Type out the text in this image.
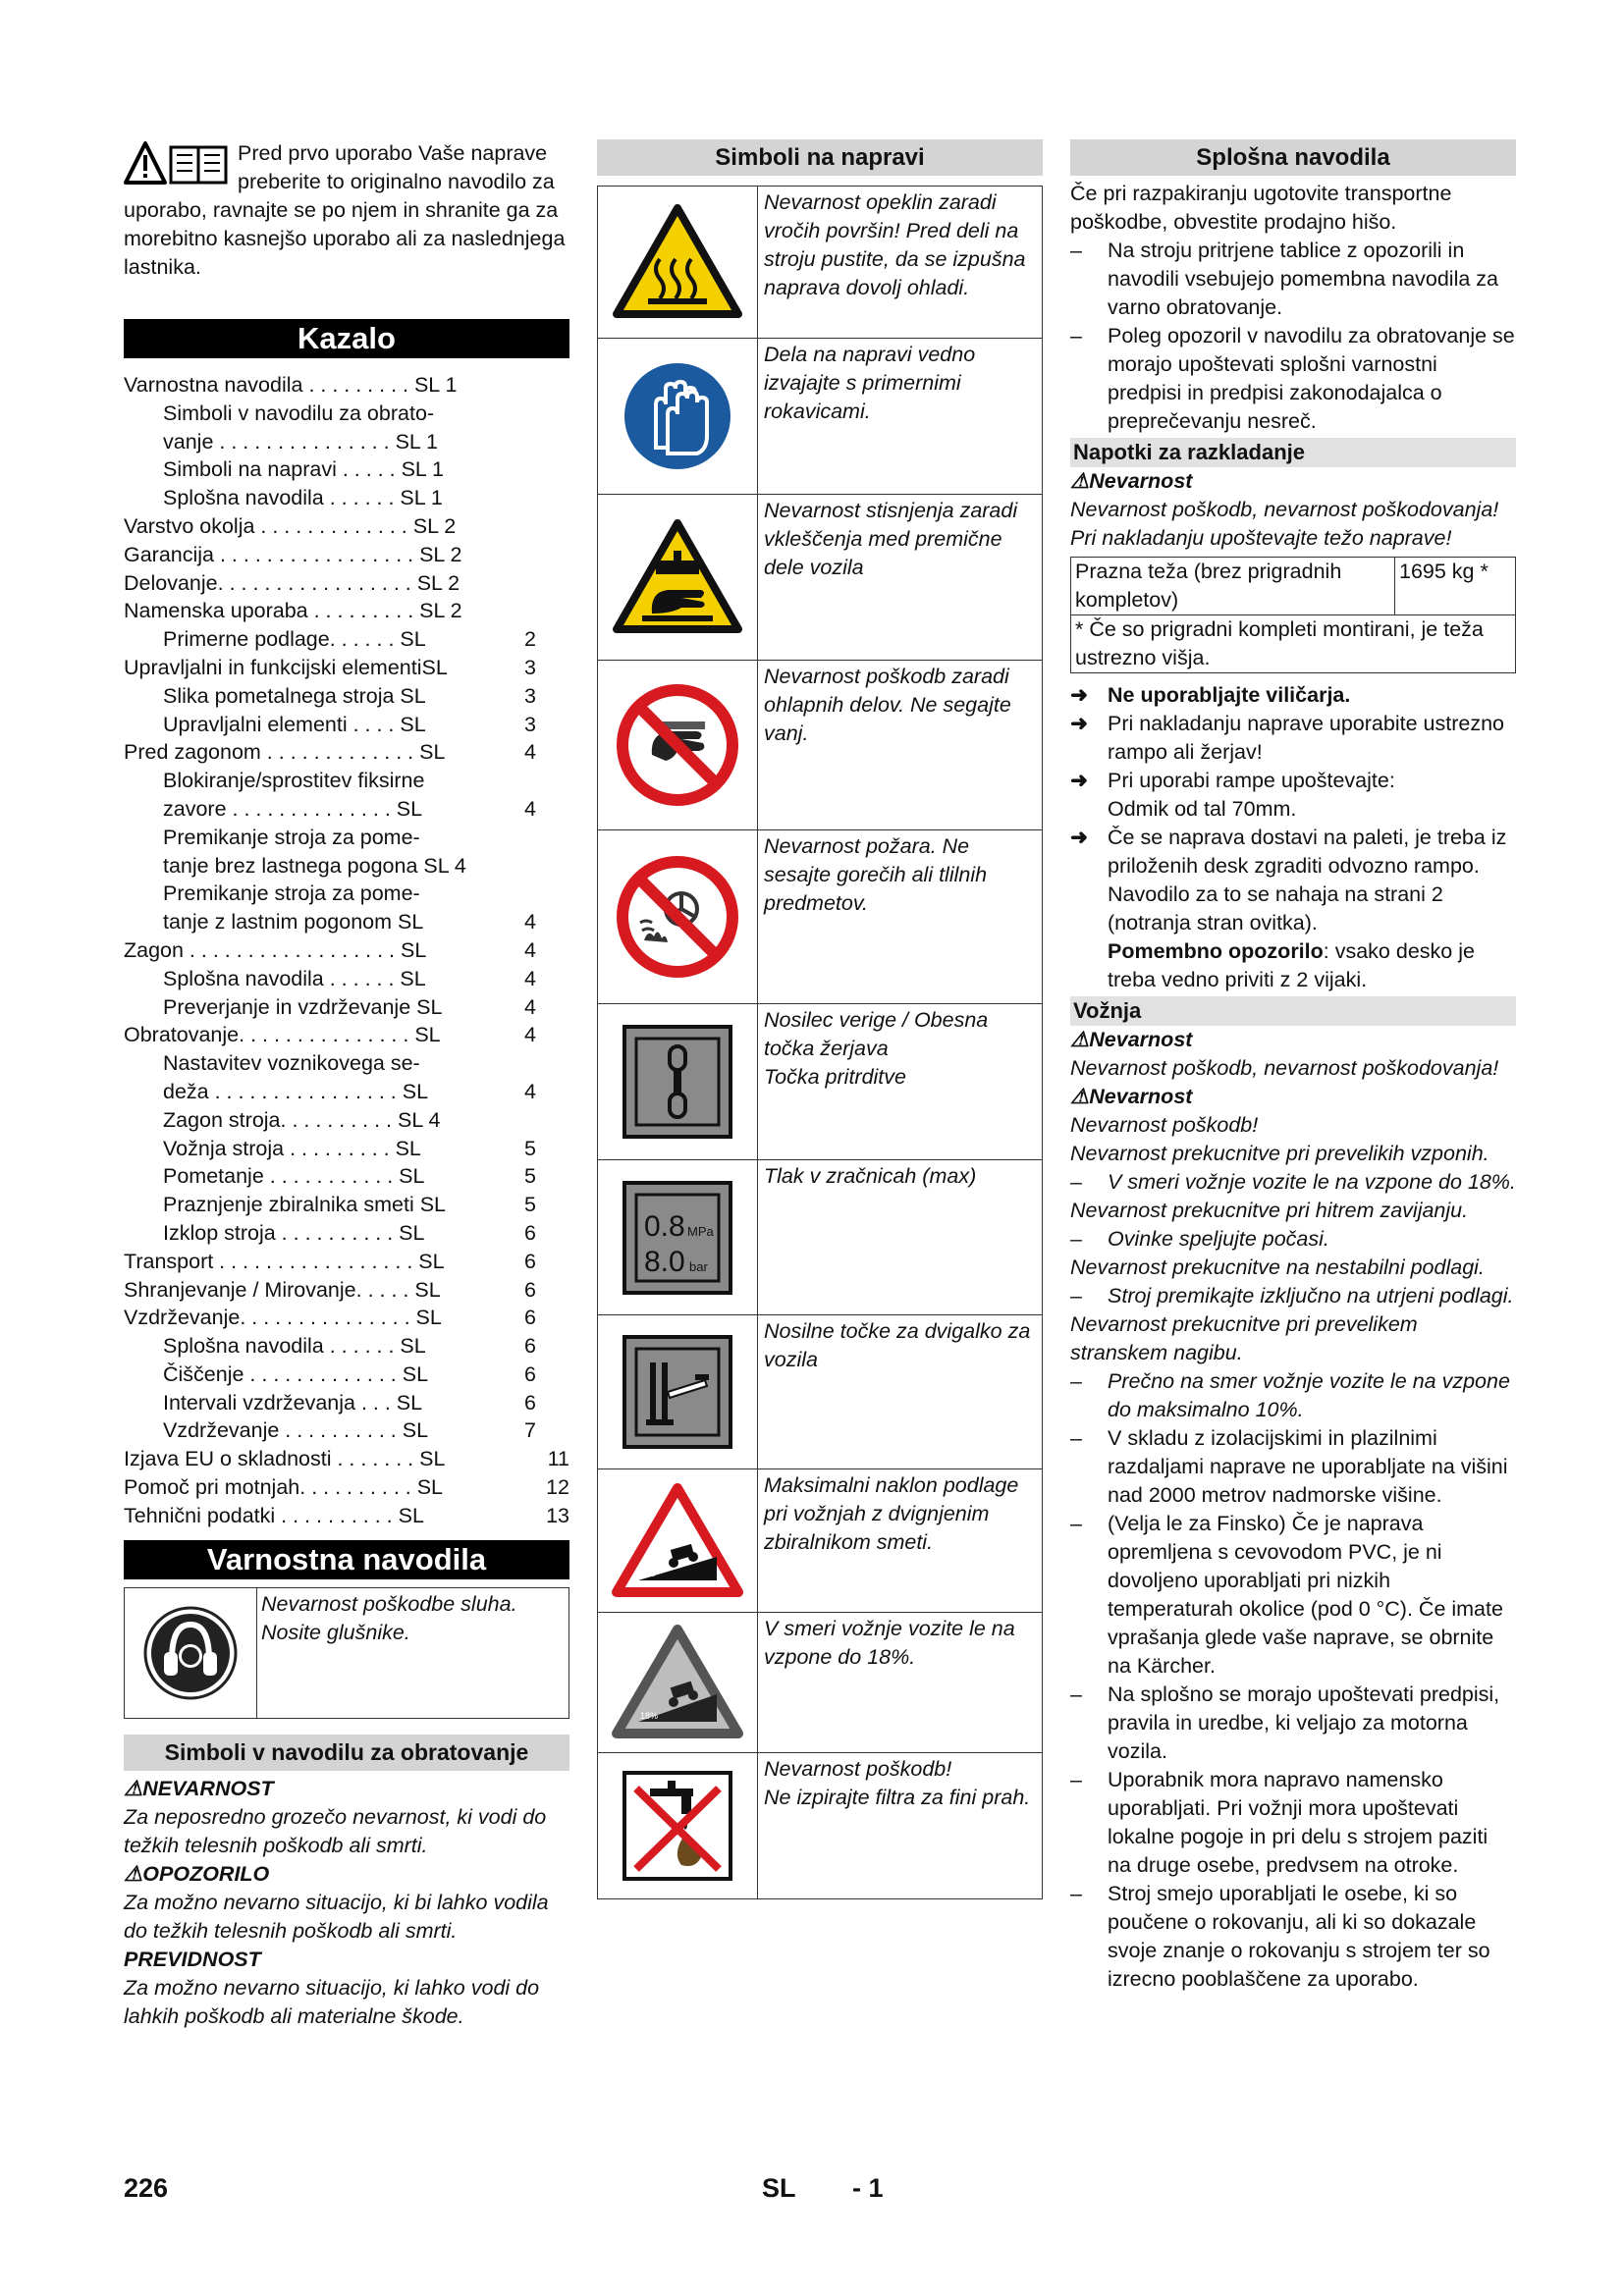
Pred prvo uporabo Vaše naprave preberite to originalno navodilo za uporabo, ravnajte se po njem in shranite ga za morebitno kasnejšo uporabo ali za naslednjega lastnika.
Kazalo
Varnostna navodila . . . . . . . . . SL 1
Simboli v navodilu za obrato-
vanje . . . . . . . . . . . . . . . SL 1
Simboli na napravi . . . . . SL 1
Splošna navodila . . . . . . SL 1
Varstvo okolja . . . . . . . . . . . . . SL 2
Garancija . . . . . . . . . . . . . . . . . SL 2
Delovanje. . . . . . . . . . . . . . . . . SL 2
Namenska uporaba . . . . . . . . . SL 2
Primerne podlage. . . . . . SL	2
Upravljalni in funkcijski elementiSL	3
Slika pometalnega stroja SL	3
Upravljalni elementi . . . . SL	3
Pred zagonom . . . . . . . . . . . . . SL	4
Blokiranje/sprostitev fiksirne
zavore . . . . . . . . . . . . . . SL	4
Premikanje stroja za pome-
tanje brez lastnega pogona SL 4
Premikanje stroja za pome-
tanje z lastnim pogonom SL	4
Zagon . . . . . . . . . . . . . . . . . . SL	4
Splošna navodila . . . . . . SL	4
Preverjanje in vzdrževanje SL	4
Obratovanje. . . . . . . . . . . . . . . SL	4
Nastavitev voznikovega se-
deža . . . . . . . . . . . . . . . . SL	4
Zagon stroja. . . . . . . . . . SL 4
Vožnja stroja . . . . . . . . . SL	5
Pometanje . . . . . . . . . . . SL	5
Praznjenje zbiralnika smeti SL	5
Izklop stroja . . . . . . . . . . SL	6
Transport . . . . . . . . . . . . . . . . . SL	6
Shranjevanje / Mirovanje. . . . . SL	6
Vzdrževanje. . . . . . . . . . . . . . . SL	6
Splošna navodila . . . . . . SL	6
Čiščenje . . . . . . . . . . . . . SL	6
Intervali vzdrževanja . . . SL	6
Vzdrževanje . . . . . . . . . . SL	7
Izjava EU o skladnosti . . . . . . . SL	11
Pomoč pri motnjah. . . . . . . . . . SL	12
Tehnični podatki . . . . . . . . . . SL	13
Varnostna navodila
Nevarnost poškodbe sluha. Nosite glušnike.
Simboli v navodilu za obratovanje

⚠NEVARNOST

Za neposredno grozečo nevarnost, ki vodi do težkih telesnih poškodb ali smrti.

⚠OPOZORILO

Za možno nevarno situacijo, ki bi lahko vodila do težkih telesnih poškodb ali smrti.

PREVIDNOST

Za možno nevarno situacijo, ki lahko vodi do lahkih poškodb ali materialne škode.

Simboli na napravi
Nevarnost opeklin zaradi vročih površin! Pred deli na stroju pustite, da se izpušna naprava dovolj ohladi.
Dela na napravi vedno izvajajte s primernimi rokavicami.
Nevarnost stisnjenja zaradi vkleščenja med premične dele vozila
Nevarnost poškodb zaradi ohlapnih delov. Ne segajte vanj.
Nevarnost požara. Ne sesajte gorečih ali tlilnih predmetov.
Nosilec verige / Obesna točka žerjava
Točka pritrditve
0.8 MPa
8.0 bar
Tlak v zračnicah (max)
Nosilne točke za dvigalko za vozila
3%
Maksimalni naklon podlage pri vožnjah z dvignjenim zbiralnikom smeti.
18%
V smeri vožnje vozite le na vzpone do 18%.
Nevarnost poškodb!
Ne izpirajte filtra za fini prah.
Splošna navodila

Če pri razpakiranju ugotovite transportne poškodbe, obvestite prodajno hišo.

– Na stroju pritrjene tablice z opozorili in navodili vsebujejo pomembna navodila za varno obratovanje.
– Poleg opozoril v navodilu za obratovanje se morajo upoštevati splošni varnostni predpisi in predpisi zakonodajalca o preprečevanju nesreč.
Napotki za razkladanje

⚠Nevarnost

Nevarnost poškodb, nevarnost poškodovanja!
Pri nakladanju upoštevajte težo naprave!

Prazna teža (brez prigradnih kompletov)
1695 kg *
* Če so prigradni kompleti montirani, je teža ustrezno višja.
➜ Ne uporabljajte viličarja.
➜ Pri nakladanju naprave uporabite ustrezno rampo ali žerjav!
➜ Pri uporabi rampe upoštevajte:
Odmik od tal 70mm.
➜ Če se naprava dostavi na paleti, je treba iz priloženih desk zgraditi odvozno rampo.
Navodilo za to se nahaja na strani 2 (notranja stran ovitka).
Pomembno opozorilo: vsako desko je treba vedno priviti z 2 vijaki.
Vožnja

⚠Nevarnost

Nevarnost poškodb, nevarnost poškodovanja!

⚠Nevarnost

Nevarnost poškodb!

Nevarnost prekucnitve pri prevelikih vzponih.

– V smeri vožnje vozite le na vzpone do 18%.

Nevarnost prekucnitve pri hitrem zavijanju.

– Ovinke speljujte počasi.

Nevarnost prekucnitve na nestabilni podlagi.

– Stroj premikajte izključno na utrjeni podlagi.

Nevarnost prekucnitve pri prevelikem stranskem nagibu.

– Prečno na smer vožnje vozite le na vzpone do maksimalno 10%.
– V skladu z izolacijskimi in plazilnimi razdaljami naprave ne uporabljate na višini nad 2000 metrov nadmorske višine.
– (Velja le za Finsko) Če je naprava opremljena s cevovodom PVC, je ni dovoljeno uporabljati pri nizkih temperaturah okolice (pod 0 °C). Če imate vprašanja glede vaše naprave, se obrnite na Kärcher.
– Na splošno se morajo upoštevati predpisi, pravila in uredbe, ki veljajo za motorna vozila.
– Uporabnik mora napravo namensko uporabljati. Pri vožnji mora upoštevati lokalne pogoje in pri delu s strojem paziti na druge osebe, predvsem na otroke.
– Stroj smejo uporabljati le osebe, ki so poučene o rokovanju, ali ki so dokazale svoje znanje o rokovanju s strojem ter so izrecno pooblaščene za uporabo.
226	SL - 1
